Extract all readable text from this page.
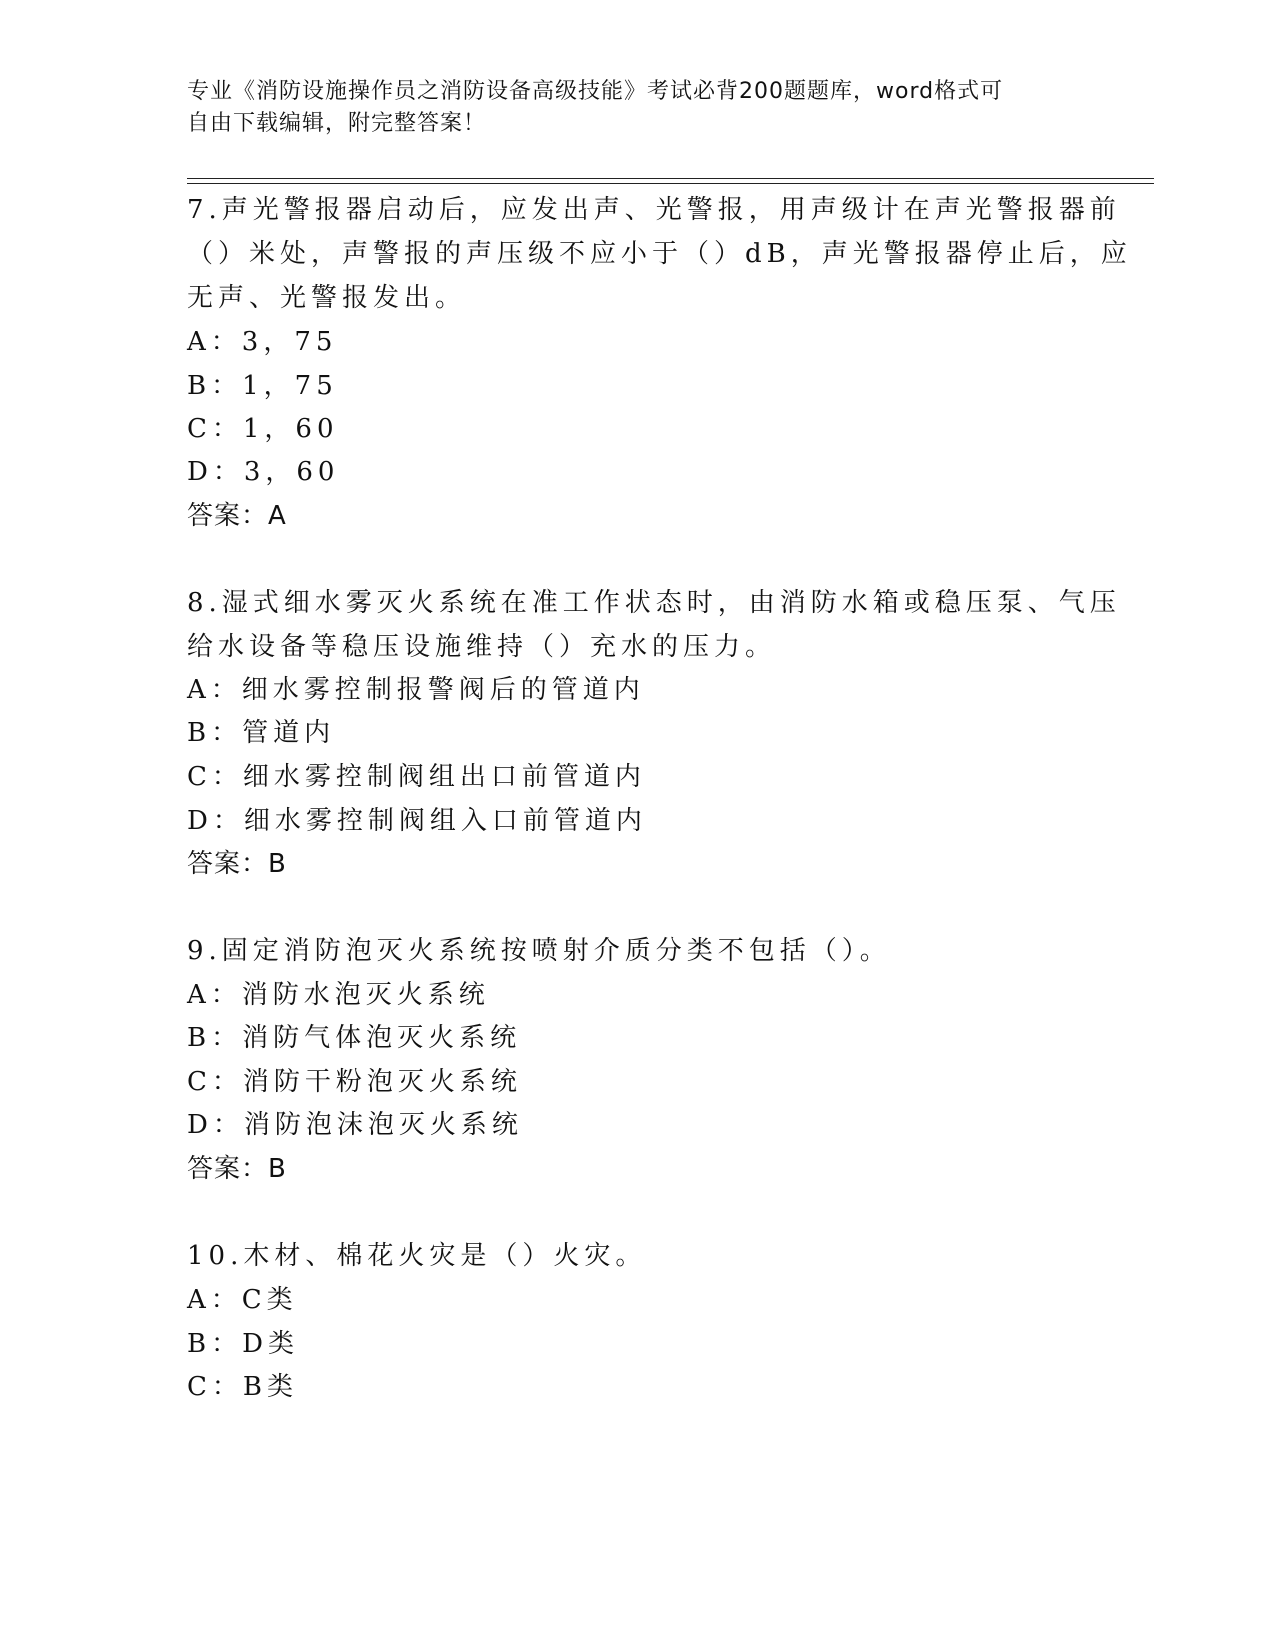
专业《消防设施操作员之消防设备高级技能》考试必背200题题库，word格式可
自由下载编辑，附完整答案！
7.声光警报器启动后，应发出声、光警报，用声级计在声光警报器前
（）米处，声警报的声压级不应小于（）dB，声光警报器停止后，应
无声、光警报发出。
A：3，75
B：1，75
C：1，60
D：3，60
答案：A
8.湿式细水雾灭火系统在准工作状态时，由消防水箱或稳压泵、气压
给水设备等稳压设施维持（）充水的压力。
A：细水雾控制报警阀后的管道内
B：管道内
C：细水雾控制阀组出口前管道内
D：细水雾控制阀组入口前管道内
答案：B
9.固定消防泡灭火系统按喷射介质分类不包括（）。
A：消防水泡灭火系统
B：消防气体泡灭火系统
C：消防干粉泡灭火系统
D：消防泡沫泡灭火系统
答案：B
10.木材、棉花火灾是（）火灾。
A：C类
B：D类
C：B类
